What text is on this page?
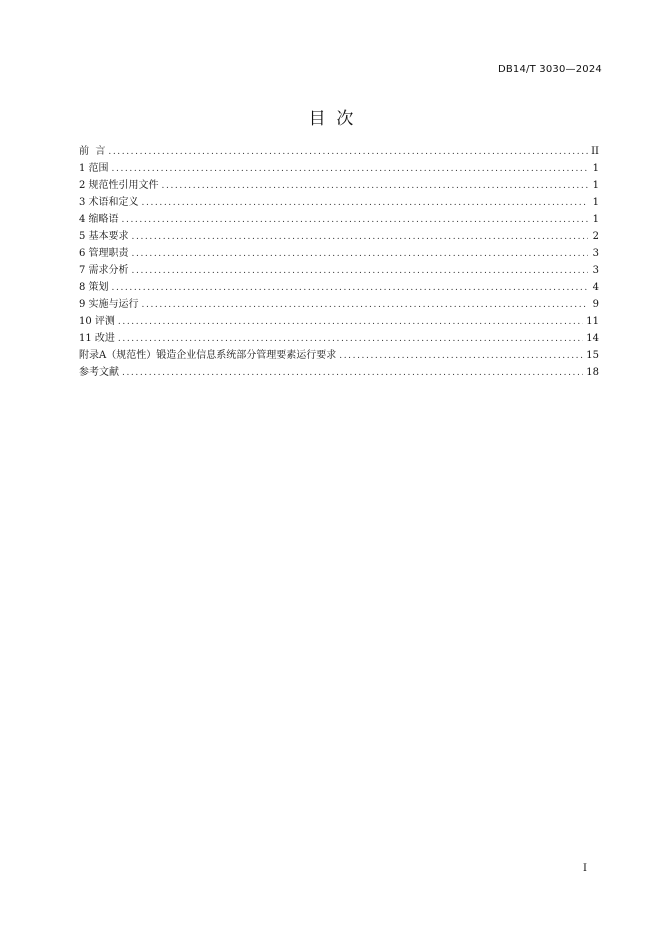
DB14/T 3030—2024
目  次
前  言 .....	II
1 范围 .....	1
2 规范性引用文件 .....	1
3 术语和定义 .....	1
4 缩略语 .....	1
5 基本要求 .....	2
6 管理职责 .....	3
7 需求分析 .....	3
8 策划 .....	4
9 实施与运行 .....	9
10 评测 .....	11
11 改进 .....	14
附录A（规范性）锻造企业信息系统部分管理要素运行要求 .....	15
参考文献 .....	18
I
